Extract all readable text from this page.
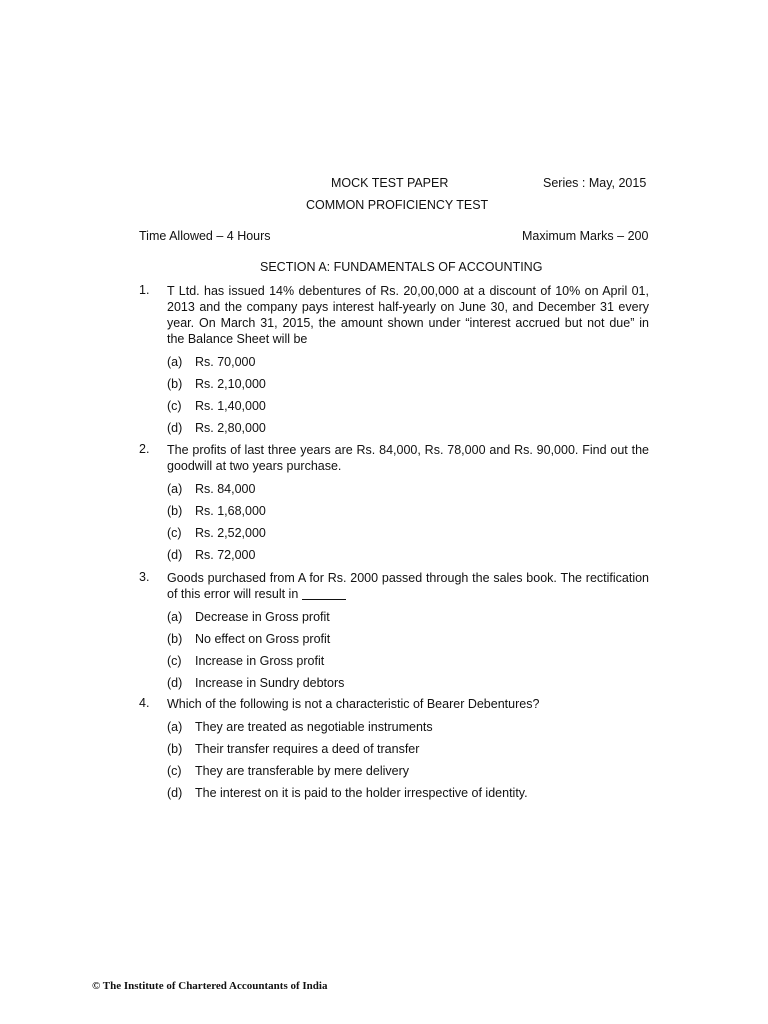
MOCK TEST PAPER	Series : May, 2015
COMMON PROFICIENCY TEST
Time Allowed – 4 Hours	Maximum Marks – 200
SECTION A: FUNDAMENTALS OF ACCOUNTING
1. T Ltd. has issued 14% debentures of Rs. 20,00,000 at a discount of 10% on April 01, 2013 and the company pays interest half-yearly on June 30, and December 31 every year. On March 31, 2015, the amount shown under “interest accrued but not due” in the Balance Sheet will be
(a) Rs. 70,000
(b) Rs. 2,10,000
(c) Rs. 1,40,000
(d) Rs. 2,80,000
2. The profits of last three years are Rs. 84,000, Rs. 78,000 and Rs. 90,000. Find out the goodwill at two years purchase.
(a) Rs. 84,000
(b) Rs. 1,68,000
(c) Rs. 2,52,000
(d) Rs. 72,000
3. Goods purchased from A for Rs. 2000 passed through the sales book. The rectification of this error will result in
(a) Decrease in Gross profit
(b) No effect on Gross profit
(c) Increase in Gross profit
(d) Increase in Sundry debtors
4. Which of the following is not a characteristic of Bearer Debentures?
(a) They are treated as negotiable instruments
(b) Their transfer requires a deed of transfer
(c) They are transferable by mere delivery
(d) The interest on it is paid to the holder irrespective of identity.
© The Institute of Chartered Accountants of India
